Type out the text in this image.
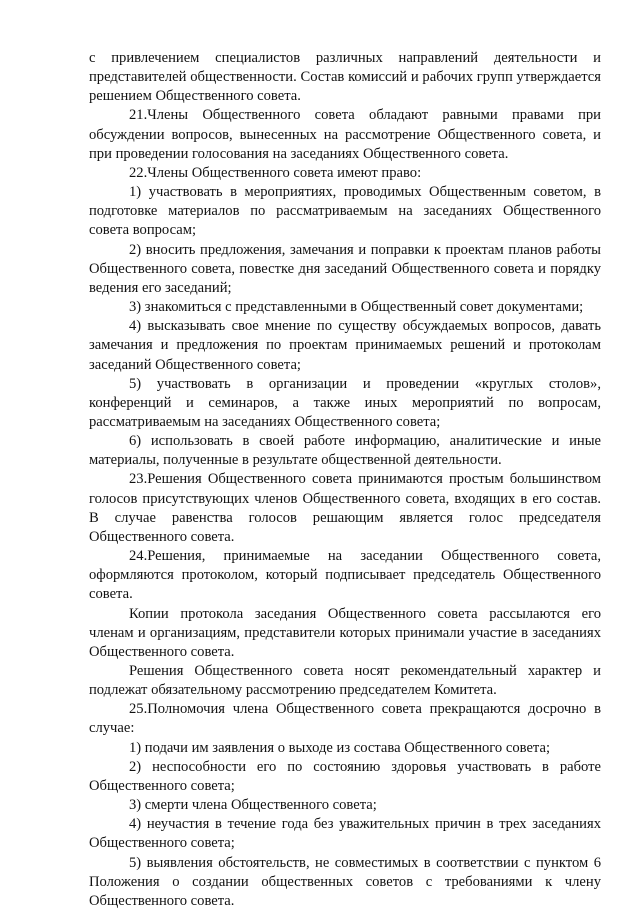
с привлечением специалистов различных направлений деятельности и представителей общественности. Состав комиссий и рабочих групп утверждается решением Общественного совета.

21.Члены Общественного совета обладают равными правами при обсуждении вопросов, вынесенных на рассмотрение Общественного совета, и при проведении голосования на заседаниях Общественного совета.

22.Члены Общественного совета имеют право:

1) участвовать в мероприятиях, проводимых Общественным советом, в подготовке материалов по рассматриваемым на заседаниях Общественного совета вопросам;

2) вносить предложения, замечания и поправки к проектам планов работы Общественного совета, повестке дня заседаний Общественного совета и порядку ведения его заседаний;

3) знакомиться с представленными в Общественный совет документами;

4) высказывать свое мнение по существу обсуждаемых вопросов, давать замечания и предложения по проектам принимаемых решений и протоколам заседаний Общественного совета;

5) участвовать в организации и проведении «круглых столов», конференций и семинаров, а также иных мероприятий по вопросам, рассматриваемым на заседаниях Общественного совета;

6) использовать в своей работе информацию, аналитические и иные материалы, полученные в результате общественной деятельности.

23.Решения Общественного совета принимаются простым большинством голосов присутствующих членов Общественного совета, входящих в его состав. В случае равенства голосов решающим является голос председателя Общественного совета.

24.Решения, принимаемые на заседании Общественного совета, оформляются протоколом, который подписывает председатель Общественного совета.

Копии протокола заседания Общественного совета рассылаются его членам и организациям, представители которых принимали участие в заседаниях Общественного совета.

Решения Общественного совета носят рекомендательный характер и подлежат обязательному рассмотрению председателем Комитета.

25.Полномочия члена Общественного совета прекращаются досрочно в случае:

1) подачи им заявления о выходе из состава Общественного совета;

2) неспособности его по состоянию здоровья участвовать в работе Общественного совета;

3) смерти члена Общественного совета;

4) неучастия в течение года без уважительных причин в трех заседаниях Общественного совета;

5) выявления обстоятельств, не совместимых в соответствии с пунктом 6 Положения о создании общественных советов с требованиями к члену Общественного совета.
